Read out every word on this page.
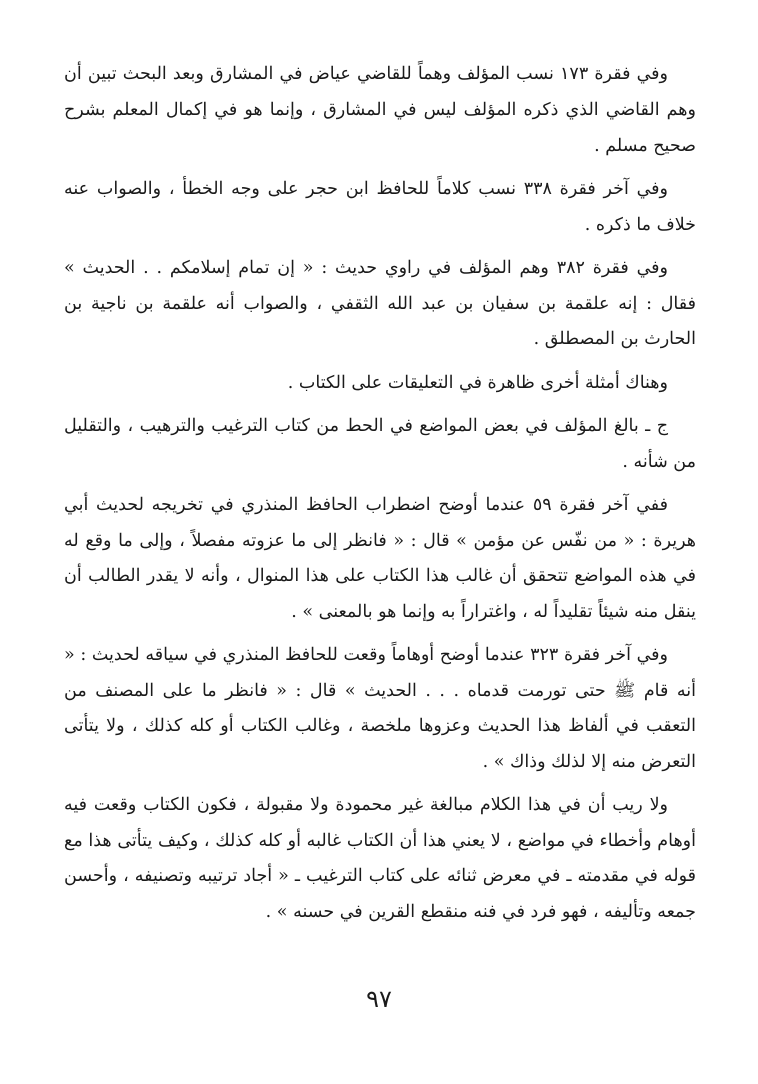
وفي فقرة ١٧٣ نسب المؤلف وهماً للقاضي عياض في المشارق وبعد البحث تبين أن وهم القاضي الذي ذكره المؤلف ليس في المشارق ، وإنما هو في إكمال المعلم بشرح صحيح مسلم .

وفي آخر فقرة ٣٣٨ نسب كلاماً للحافظ ابن حجر على وجه الخطأ ، والصواب عنه خلاف ما ذكره .

وفي فقرة ٣٨٢ وهم المؤلف في راوي حديث : « إن تمام إسلامكم . . الحديث » فقال : إنه علقمة بن سفيان بن عبد الله الثقفي ، والصواب أنه علقمة بن ناجية بن الحارث بن المصطلق .

وهناك أمثلة أخرى ظاهرة في التعليقات على الكتاب .

ج ـ بالغ المؤلف في بعض المواضع في الحط من كتاب الترغيب والترهيب ، والتقليل من شأنه .

ففي آخر فقرة ٥٩ عندما أوضح اضطراب الحافظ المنذري في تخريجه لحديث أبي هريرة : « من نفّس عن مؤمن » قال : « فانظر إلى ما عزوته مفصلاً ، وإلى ما وقع له في هذه المواضع تتحقق أن غالب هذا الكتاب على هذا المنوال ، وأنه لا يقدر الطالب أن ينقل منه شيئاً تقليداً له ، واغتراراً به وإنما هو بالمعنى » .

وفي آخر فقرة ٣٢٣ عندما أوضح أوهاماً وقعت للحافظ المنذري في سياقه لحديث : « أنه قام ﷺ حتى تورمت قدماه . . . الحديث » قال : « فانظر ما على المصنف من التعقب في ألفاظ هذا الحديث وعزوها ملخصة ، وغالب الكتاب أو كله كذلك ، ولا يتأتى التعرض منه إلا لذلك وذاك » .

ولا ريب أن في هذا الكلام مبالغة غير محمودة ولا مقبولة ، فكون الكتاب وقعت فيه أوهام وأخطاء في مواضع ، لا يعني هذا أن الكتاب غالبه أو كله كذلك ، وكيف يتأتى هذا مع قوله في مقدمته ـ في معرض ثنائه على كتاب الترغيب ـ « أجاد ترتيبه وتصنيفه ، وأحسن جمعه وتأليفه ، فهو فرد في فنه منقطع القرين في حسنه » .

٩٧
